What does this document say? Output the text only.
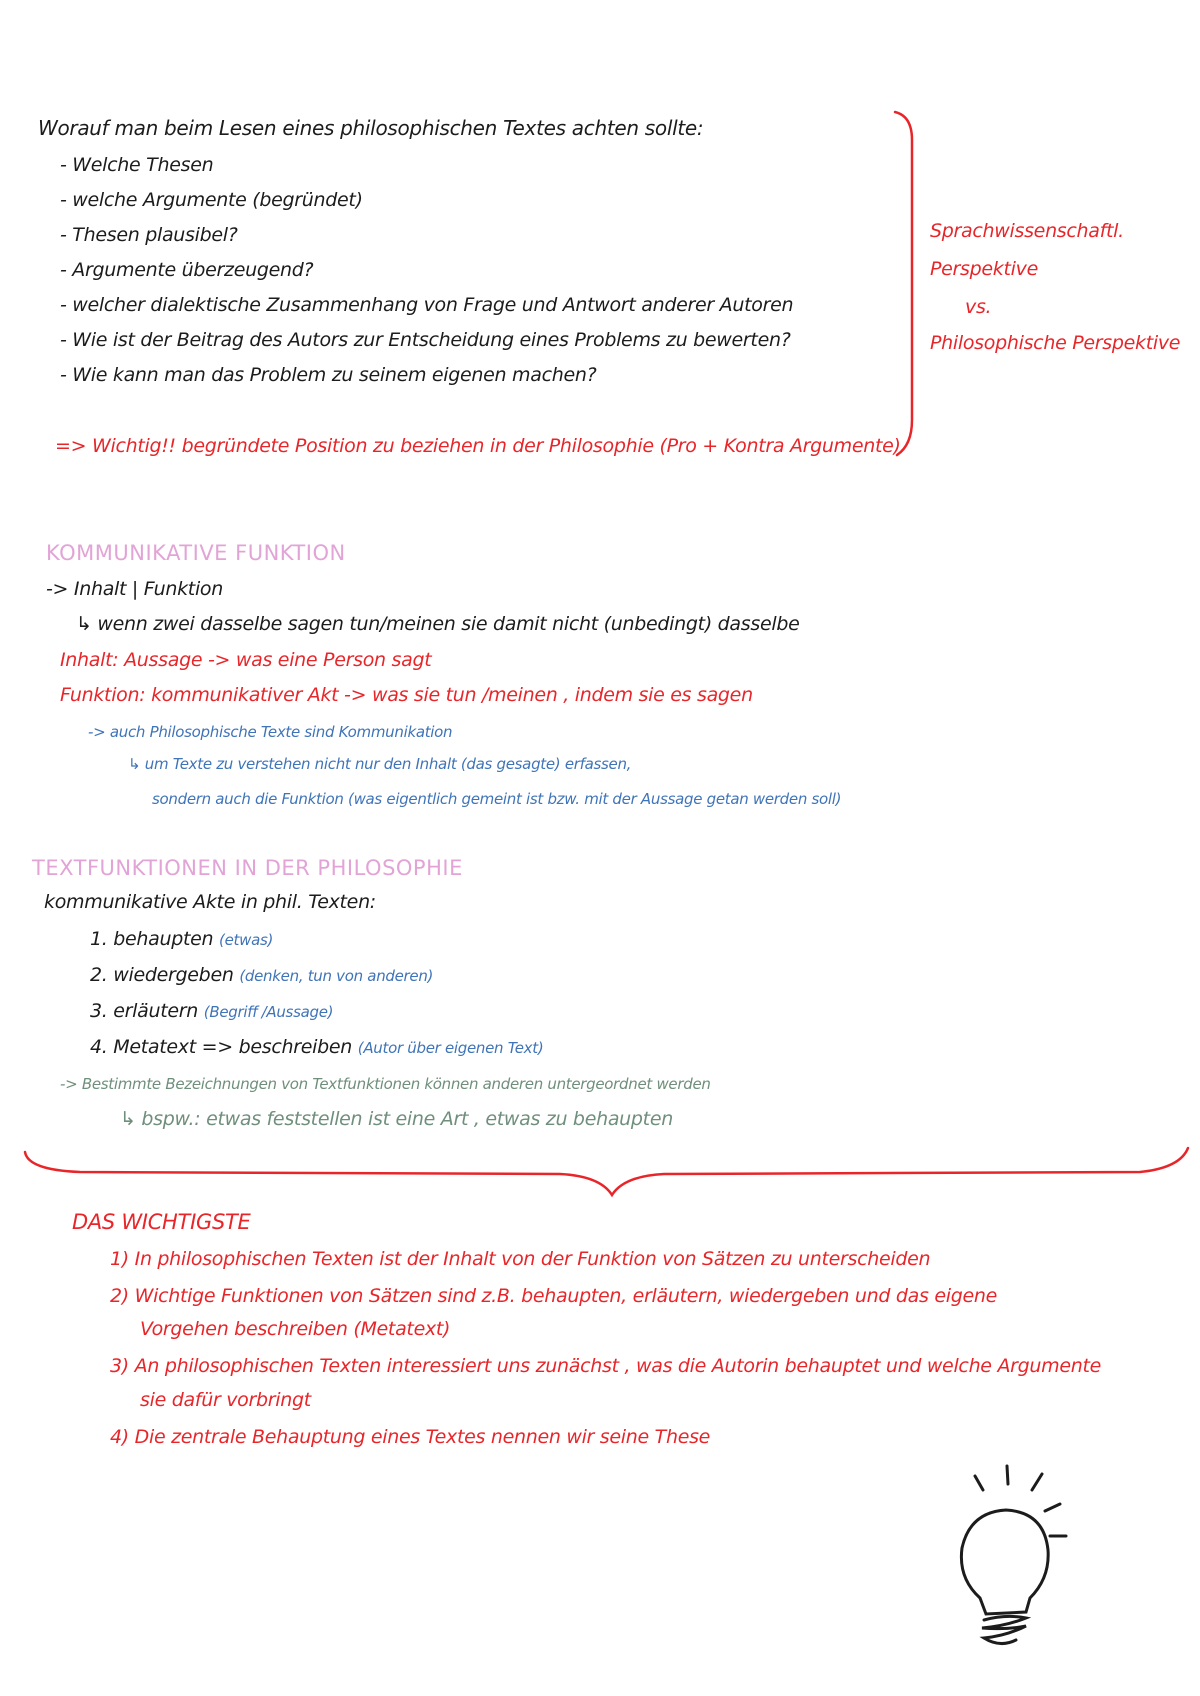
Worauf man beim Lesen eines philosophischen Textes achten sollte:
- Welche Thesen
- welche Argumente (begründet)
- Thesen plausibel?
- Argumente überzeugend?
- welcher dialektische Zusammenhang von Frage und Antwort anderer Autoren
- Wie ist der Beitrag des Autors zur Entscheidung eines Problems zu bewerten?
- Wie kann man das Problem zu seinem eigenen machen?
=> Wichtig!! begründete Position zu beziehen in der Philosophie (Pro + Kontra Argumente)
Sprachwissenschaftl.
Perspektive
vs.
Philosophische Perspektive
KOMMUNIKATIVE FUNKTION
-> Inhalt | Funktion
↳ wenn zwei dasselbe sagen tun/meinen sie damit nicht (unbedingt) dasselbe
Inhalt: Aussage -> was eine Person sagt
Funktion: kommunikativer Akt -> was sie tun /meinen , indem sie es sagen
-> auch Philosophische Texte sind Kommunikation
↳ um Texte zu verstehen nicht nur den Inhalt (das gesagte) erfassen,
sondern auch die Funktion (was eigentlich gemeint ist bzw. mit der Aussage getan werden soll)
TEXTFUNKTIONEN IN DER PHILOSOPHIE
kommunikative Akte in phil. Texten:
1. behaupten (etwas)
2. wiedergeben (denken, tun von anderen)
3. erläutern (Begriff /Aussage)
4. Metatext => beschreiben (Autor über eigenen Text)
-> Bestimmte Bezeichnungen von Textfunktionen können anderen untergeordnet werden
↳ bspw.: etwas feststellen ist eine Art , etwas zu behaupten
DAS WICHTIGSTE
1) In philosophischen Texten ist der Inhalt von der Funktion von Sätzen zu unterscheiden
2) Wichtige Funktionen von Sätzen sind z.B. behaupten, erläutern, wiedergeben und das eigene
Vorgehen beschreiben (Metatext)
3) An philosophischen Texten interessiert uns zunächst , was die Autorin behauptet und welche Argumente
sie dafür vorbringt
4) Die zentrale Behauptung eines Textes nennen wir seine These
